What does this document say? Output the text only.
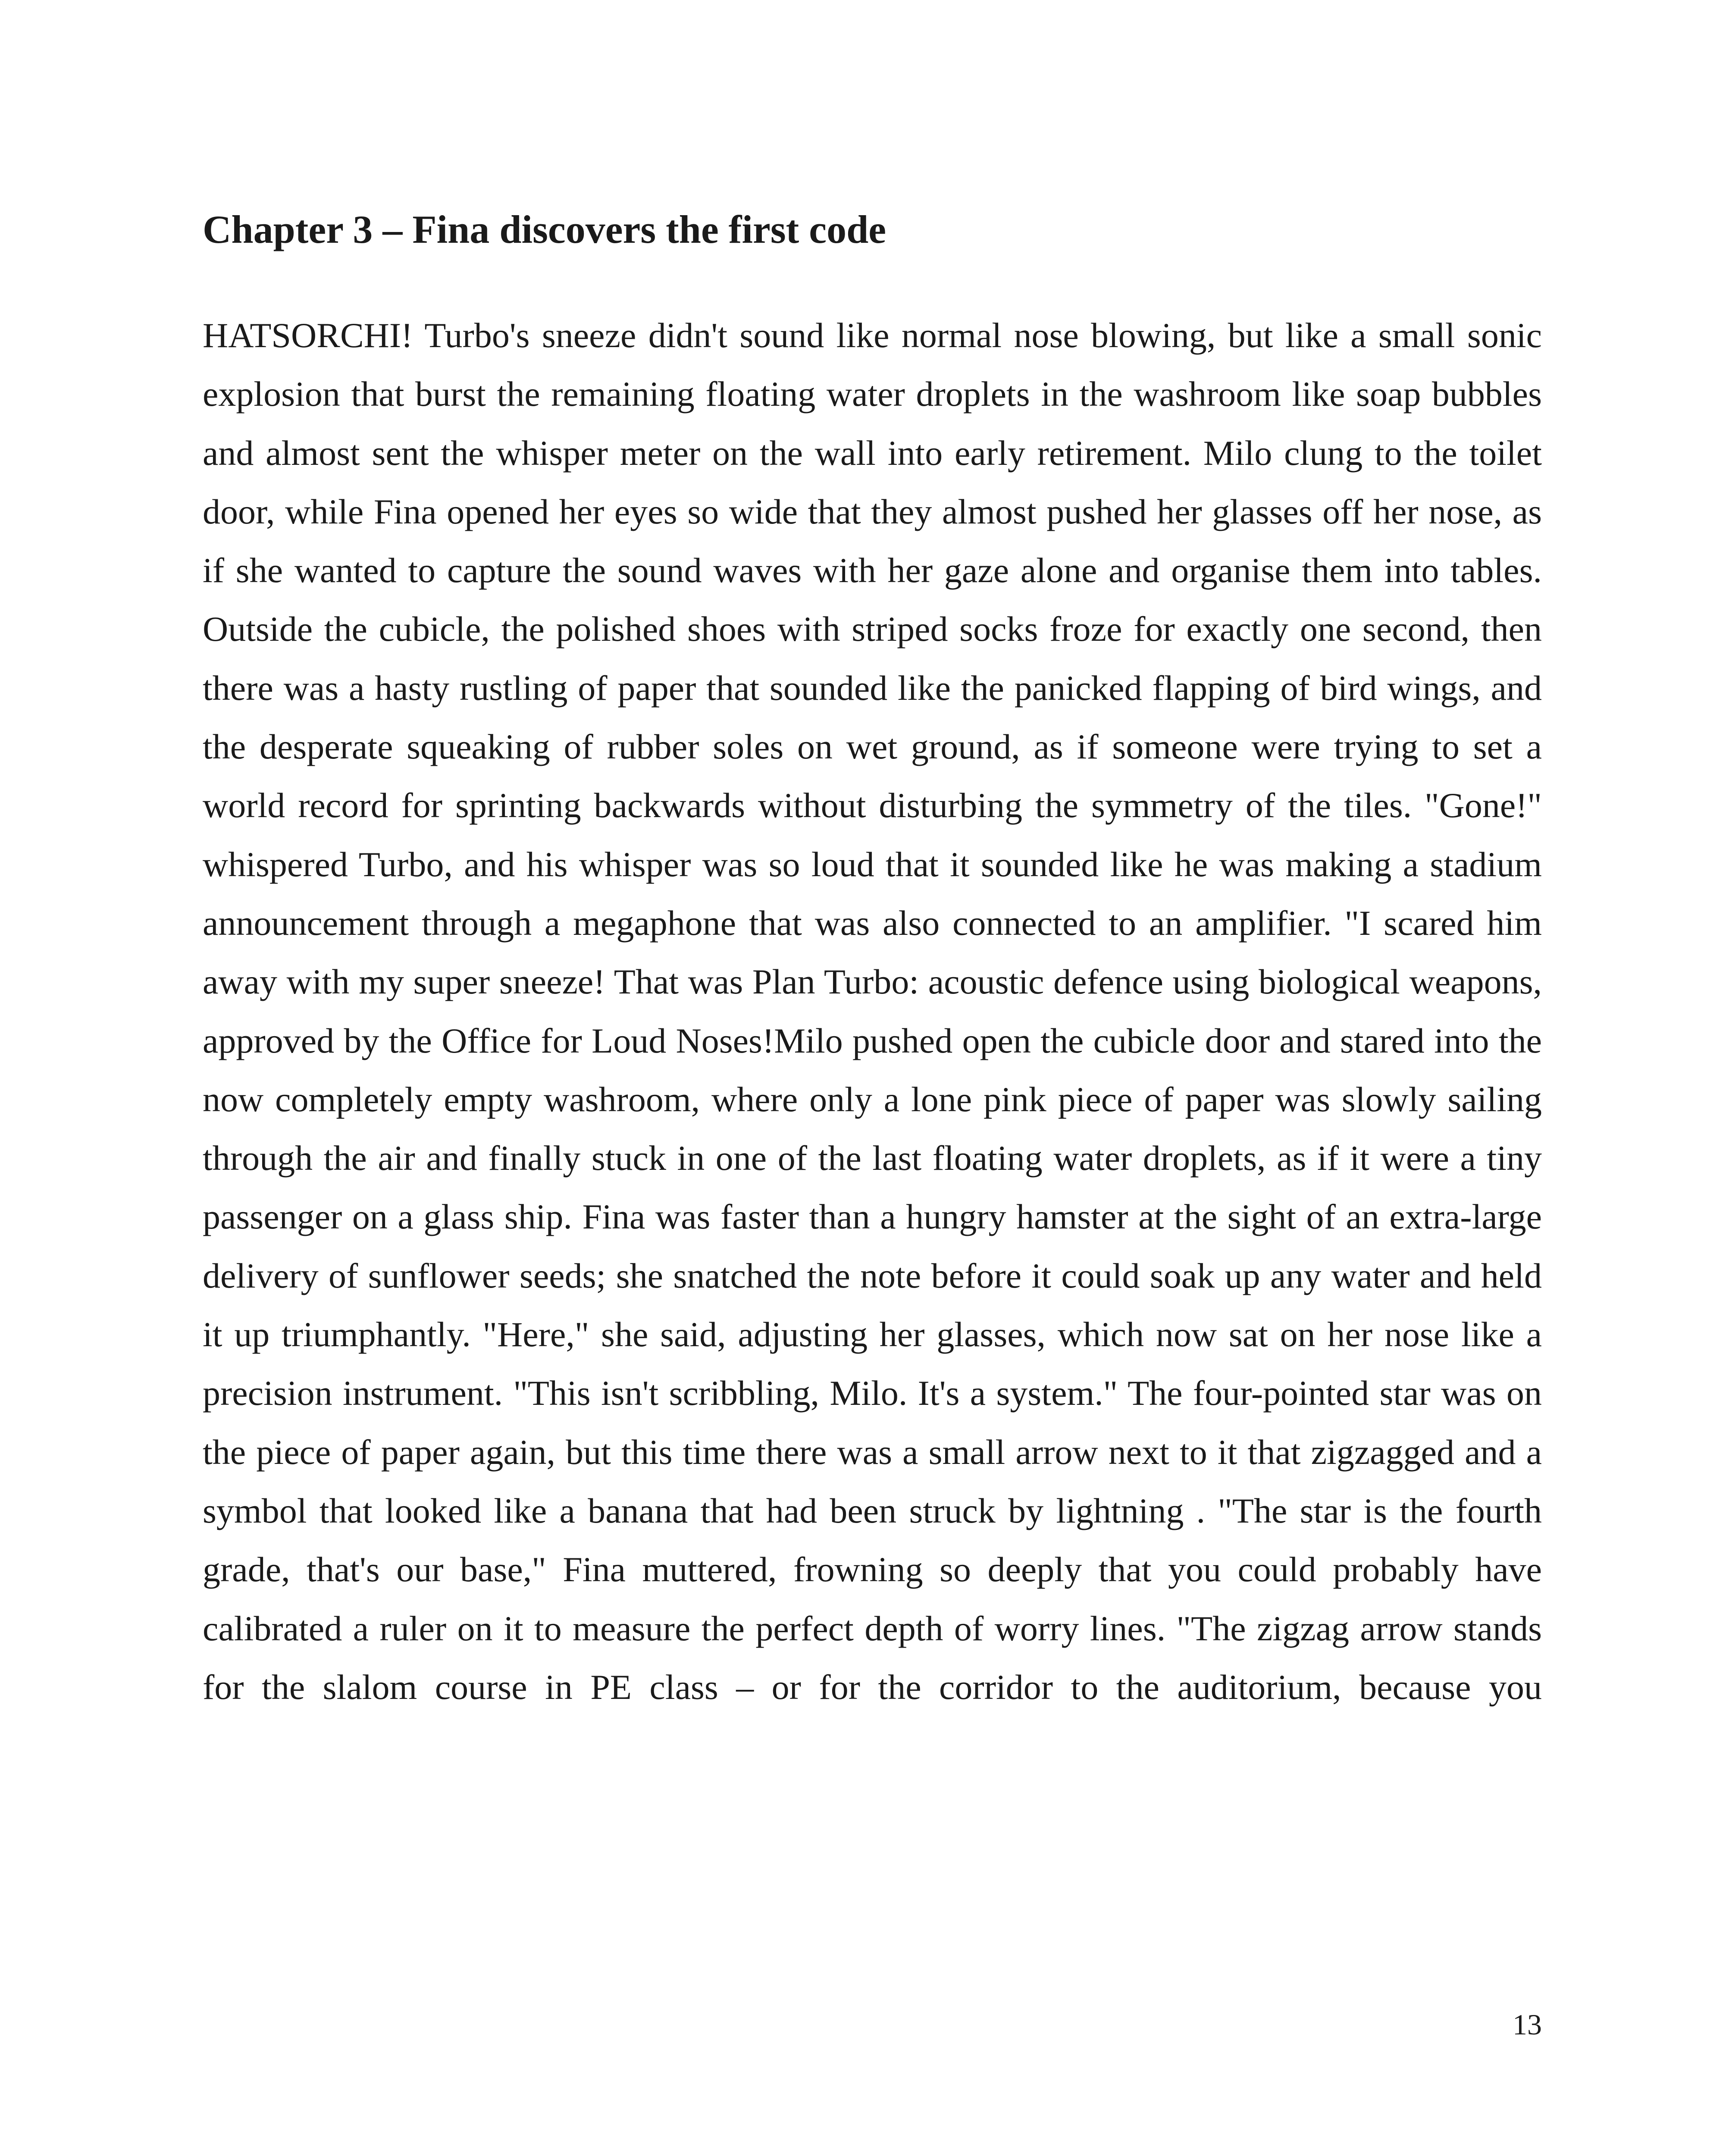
Chapter 3 – Fina discovers the first code

HATSORCHI! Turbo's sneeze didn't sound like normal nose blowing, but like a small sonic explosion that burst the remaining floating water droplets in the washroom like soap bubbles and almost sent the whisper meter on the wall into early retirement. Milo clung to the toilet door, while Fina opened her eyes so wide that they almost pushed her glasses off her nose, as if she wanted to capture the sound waves with her gaze alone and organise them into tables. Outside the cubicle, the polished shoes with striped socks froze for exactly one second, then there was a hasty rustling of paper that sounded like the panicked flapping of bird wings, and the desperate squeaking of rubber soles on wet ground, as if someone were trying to set a world record for sprinting backwards without disturbing the symmetry of the tiles. "Gone!" whispered Turbo, and his whisper was so loud that it sounded like he was making a stadium announcement through a megaphone that was also connected to an amplifier. "I scared him away with my super sneeze! That was Plan Turbo: acoustic defence using biological weapons, approved by the Office for Loud Noses!Milo pushed open the cubicle door and stared into the now completely empty washroom, where only a lone pink piece of paper was slowly sailing through the air and finally stuck in one of the last floating water droplets, as if it were a tiny passenger on a glass ship. Fina was faster than a hungry hamster at the sight of an extra-large delivery of sunflower seeds; she snatched the note before it could soak up any water and held it up triumphantly. "Here," she said, adjusting her glasses, which now sat on her nose like a precision instrument. "This isn't scribbling, Milo. It's a system." The four-pointed star was on the piece of paper again, but this time there was a small arrow next to it that zigzagged and a symbol that looked like a banana that had been struck by lightning . "The star is the fourth grade, that's our base," Fina muttered, frowning so deeply that you could probably have calibrated a ruler on it to measure the perfect depth of worry lines. "The zigzag arrow stands for the slalom course in PE class – or for the corridor to the auditorium, because you

13
